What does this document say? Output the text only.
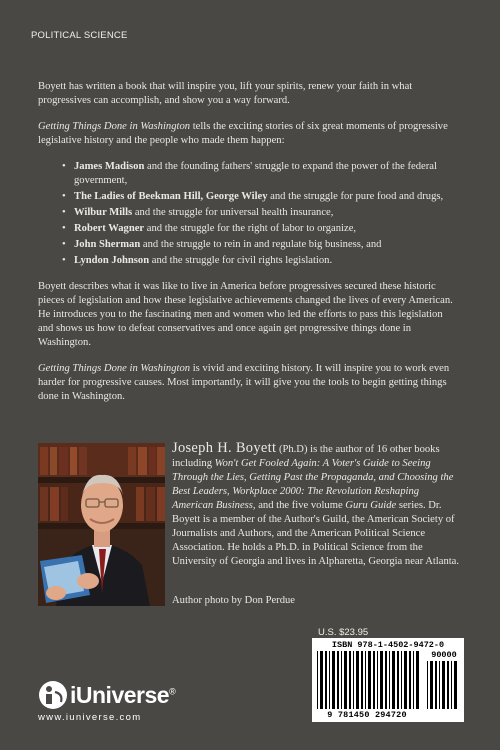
POLITICAL SCIENCE

Boyett has written a book that will inspire you, lift your spirits, renew your faith in what progressives can accomplish, and show you a way forward.

Getting Things Done in Washington tells the exciting stories of six great moments of progressive legislative history and the people who made them happen:

• James Madison and the founding fathers' struggle to expand the power of the federal government,
• The Ladies of Beekman Hill, George Wiley and the struggle for pure food and drugs,
• Wilbur Mills and the struggle for universal health insurance,
• Robert Wagner and the struggle for the right of labor to organize,
• John Sherman and the struggle to rein in and regulate big business, and
• Lyndon Johnson and the struggle for civil rights legislation.

Boyett describes what it was like to live in America before progressives secured these historic pieces of legislation and how these legislative achievements changed the lives of every American. He introduces you to the fascinating men and women who led the efforts to pass this legislation and shows us how to defeat conservatives and once again get progressive things done in Washington.

Getting Things Done in Washington is vivid and exciting history. It will inspire you to work even harder for progressive causes. Most importantly, it will give you the tools to begin getting things done in Washington.

Joseph H. Boyett (Ph.D) is the author of 16 other books including Won't Get Fooled Again: A Voter's Guide to Seeing Through the Lies, Getting Past the Propaganda, and Choosing the Best Leaders, Workplace 2000: The Revolution Reshaping American Business, and the five volume Guru Guide series. Dr. Boyett is a member of the Author's Guild, the American Society of Journalists and Authors, and the American Political Science Association. He holds a Ph.D. in Political Science from the University of Georgia and lives in Alpharetta, Georgia near Atlanta.
Author photo by Don Perdue
iUniverse®
www.iuniverse.com
U.S. $23.95
ISBN 978-1-4502-9472-0
9 781450 294720
90000
